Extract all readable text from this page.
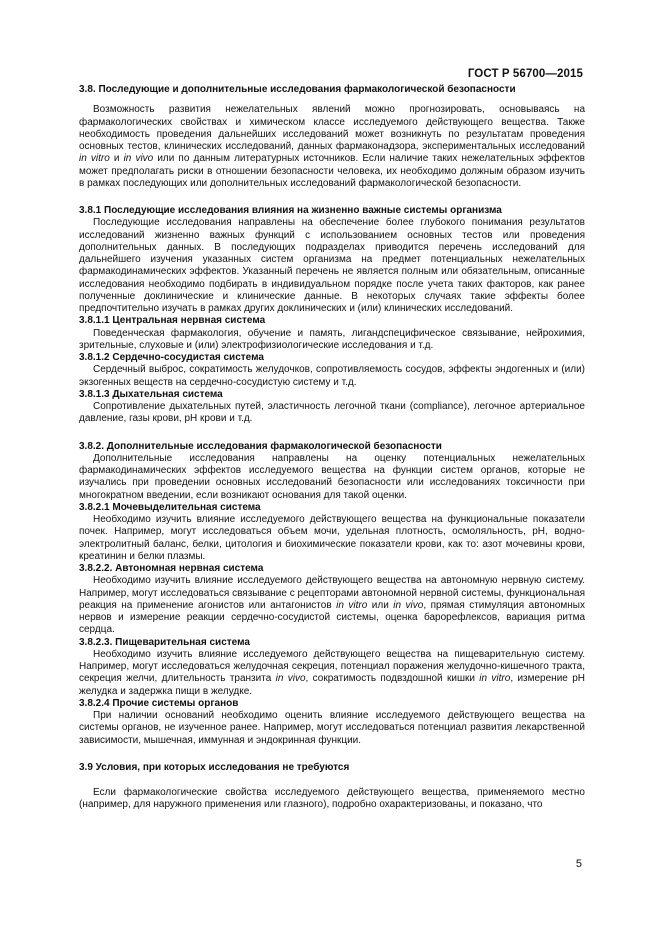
ГОСТ Р 56700—2015
3.8. Последующие и дополнительные исследования фармакологической безопасности

Возможность развития нежелательных явлений можно прогнозировать, основываясь на фармакологических свойствах и химическом классе исследуемого действующего вещества. Также необходимость проведения дальнейших исследований может возникнуть по результатам проведения основных тестов, клинических исследований, данных фармаконадзора, экспериментальных исследований in vitro и in vivo или по данным литературных источников. Если наличие таких нежелательных эффектов может предполагать риски в отношении безопасности человека, их необходимо должным образом изучить в рамках последующих или дополнительных исследований фармакологической безопасности.

3.8.1 Последующие исследования влияния на жизненно важные системы организма

Последующие исследования направлены на обеспечение более глубокого понимания результатов исследований жизненно важных функций с использованием основных тестов или проведения дополнительных данных. В последующих подразделах приводится перечень исследований для дальнейшего изучения указанных систем организма на предмет потенциальных нежелательных фармакодинамических эффектов. Указанный перечень не является полным или обязательным, описанные исследования необходимо подбирать в индивидуальном порядке после учета таких факторов, как ранее полученные доклинические и клинические данные. В некоторых случаях такие эффекты более предпочтительно изучать в рамках других доклинических и (или) клинических исследований.

3.8.1.1 Центральная нервная система

Поведенческая фармакология, обучение и память, лигандспецифическое связывание, нейрохимия, зрительные, слуховые и (или) электрофизиологические исследования и т.д.

3.8.1.2 Сердечно-сосудистая система

Сердечный выброс, сократимость желудочков, сопротивляемость сосудов, эффекты эндогенных и (или) экзогенных веществ на сердечно-сосудистую систему и т.д.

3.8.1.3 Дыхательная система

Сопротивление дыхательных путей, эластичность легочной ткани (compliance), легочное артериальное давление, газы крови, pH крови и т.д.

3.8.2. Дополнительные исследования фармакологической безопасности

Дополнительные исследования направлены на оценку потенциальных нежелательных фармакодинамических эффектов исследуемого вещества на функции систем органов, которые не изучались при проведении основных исследований безопасности или исследованиях токсичности при многократном введении, если возникают основания для такой оценки.

3.8.2.1 Мочевыделительная система

Необходимо изучить влияние исследуемого действующего вещества на функциональные показатели почек. Например, могут исследоваться объем мочи, удельная плотность, осмоляльность, pH, водно-электролитный баланс, белки, цитология и биохимические показатели крови, как то: азот мочевины крови, креатинин и белки плазмы.

3.8.2.2. Автономная нервная система

Необходимо изучить влияние исследуемого действующего вещества на автономную нервную систему. Например, могут исследоваться связывание с рецепторами автономной нервной системы, функциональная реакция на применение агонистов или антагонистов in vitro или in vivo, прямая стимуляция автономных нервов и измерение реакции сердечно-сосудистой системы, оценка барорефлексов, вариация ритма сердца.

3.8.2.3. Пищеварительная система

Необходимо изучить влияние исследуемого действующего вещества на пищеварительную систему. Например, могут исследоваться желудочная секреция, потенциал поражения желудочно-кишечного тракта, секреция желчи, длительность транзита in vivo, сократимость подвздошной кишки in vitro, измерение pH желудка и задержка пищи в желудке.

3.8.2.4 Прочие системы органов

При наличии оснований необходимо оценить влияние исследуемого действующего вещества на системы органов, не изученное ранее. Например, могут исследоваться потенциал развития лекарственной зависимости, мышечная, иммунная и эндокринная функции.

3.9 Условия, при которых исследования не требуются

Если фармакологические свойства исследуемого действующего вещества, применяемого местно (например, для наружного применения или глазного), подробно охарактеризованы, и показано, что

5
